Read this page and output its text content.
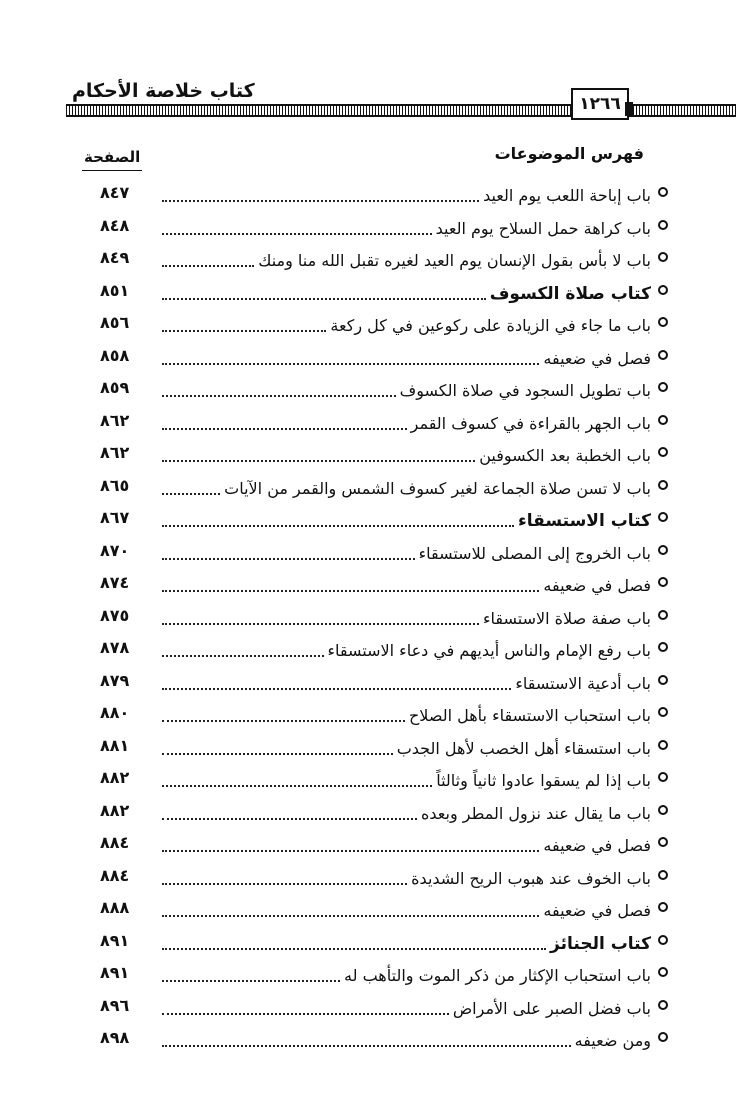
كتاب خلاصة الأحكام
١٢٦٦
فهرس الموضوعات
الصفحة
باب إباحة اللعب يوم العيد
٨٤٧
باب كراهة حمل السلاح يوم العيد
٨٤٨
باب لا بأس بقول الإنسان يوم العيد لغيره تقبل الله منا ومنك
٨٤٩
كتاب صلاة الكسوف
٨٥١
باب ما جاء في الزيادة على ركوعين في كل ركعة
٨٥٦
فصل في ضعيفه
٨٥٨
باب تطويل السجود في صلاة الكسوف
٨٥٩
باب الجهر بالقراءة في كسوف القمر
٨٦٢
باب الخطبة بعد الكسوفين
٨٦٢
باب لا تسن صلاة الجماعة لغير كسوف الشمس والقمر من الآيات
٨٦٥
كتاب الاستسقاء
٨٦٧
باب الخروج إلى المصلى للاستسقاء
٨٧٠
فصل في ضعيفه
٨٧٤
باب صفة صلاة الاستسقاء
٨٧٥
باب رفع الإمام والناس أيديهم في دعاء الاستسقاء
٨٧٨
باب أدعية الاستسقاء
٨٧٩
باب استحباب الاستسقاء بأهل الصلاح
٨٨٠
باب استسقاء أهل الخصب لأهل الجدب
٨٨١
باب إذا لم يسقوا عادوا ثانياً وثالثاً
٨٨٢
باب ما يقال عند نزول المطر وبعده
٨٨٢
فصل في ضعيفه
٨٨٤
باب الخوف عند هبوب الريح الشديدة
٨٨٤
فصل في ضعيفه
٨٨٨
كتاب الجنائز
٨٩١
باب استحباب الإكثار من ذكر الموت والتأهب له
٨٩١
باب فضل الصبر على الأمراض
٨٩٦
ومن ضعيفه
٨٩٨
